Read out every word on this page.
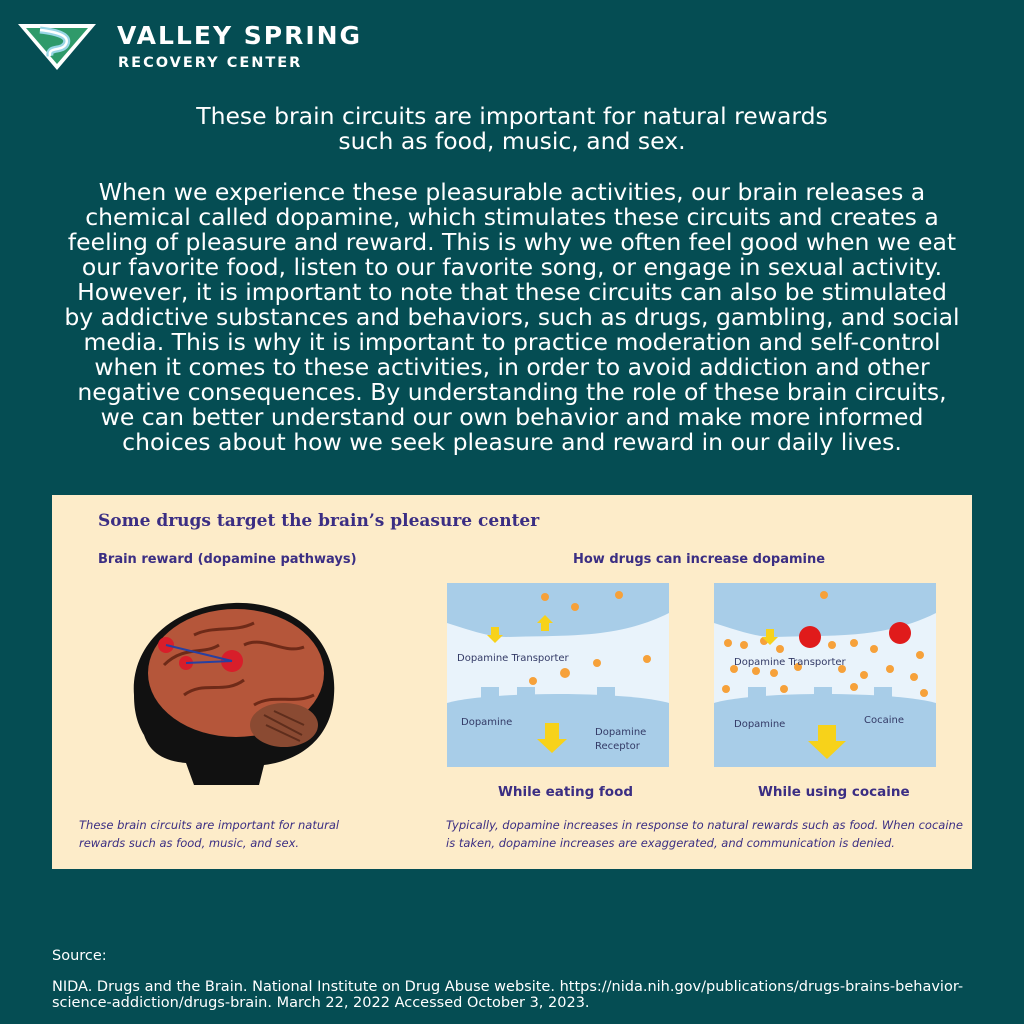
VALLEY SPRING
RECOVERY CENTER
These brain circuits are important for natural rewards such as food, music, and sex.
When we experience these pleasurable activities, our brain releases a chemical called dopamine, which stimulates these circuits and creates a feeling of pleasure and reward. This is why we often feel good when we eat our favorite food, listen to our favorite song, or engage in sexual activity. However, it is important to note that these circuits can also be stimulated by addictive substances and behaviors, such as drugs, gambling, and social media. This is why it is important to practice moderation and self-control when it comes to these activities, in order to avoid addiction and other negative consequences. By understanding the role of these brain circuits, we can better understand our own behavior and make more informed choices about how we seek pleasure and reward in our daily lives.
Some drugs target the brain’s pleasure center
Brain reward (dopamine pathways)	How drugs can increase dopamine
Dopamine Transporter
Dopamine
Dopamine
Receptor
Dopamine Transporter
Dopamine	Cocaine
While eating food	While using cocaine
These brain circuits are important for natural rewards such as food, music, and sex.
Typically, dopamine increases in response to natural rewards such as food. When cocaine is taken, dopamine increases are exaggerated, and communication is denied.
Source:
NIDA. Drugs and the Brain. National Institute on Drug Abuse website. https://nida.nih.gov/publications/drugs-brains-behavior-science-addiction/drugs-brain. March 22, 2022 Accessed October 3, 2023.
